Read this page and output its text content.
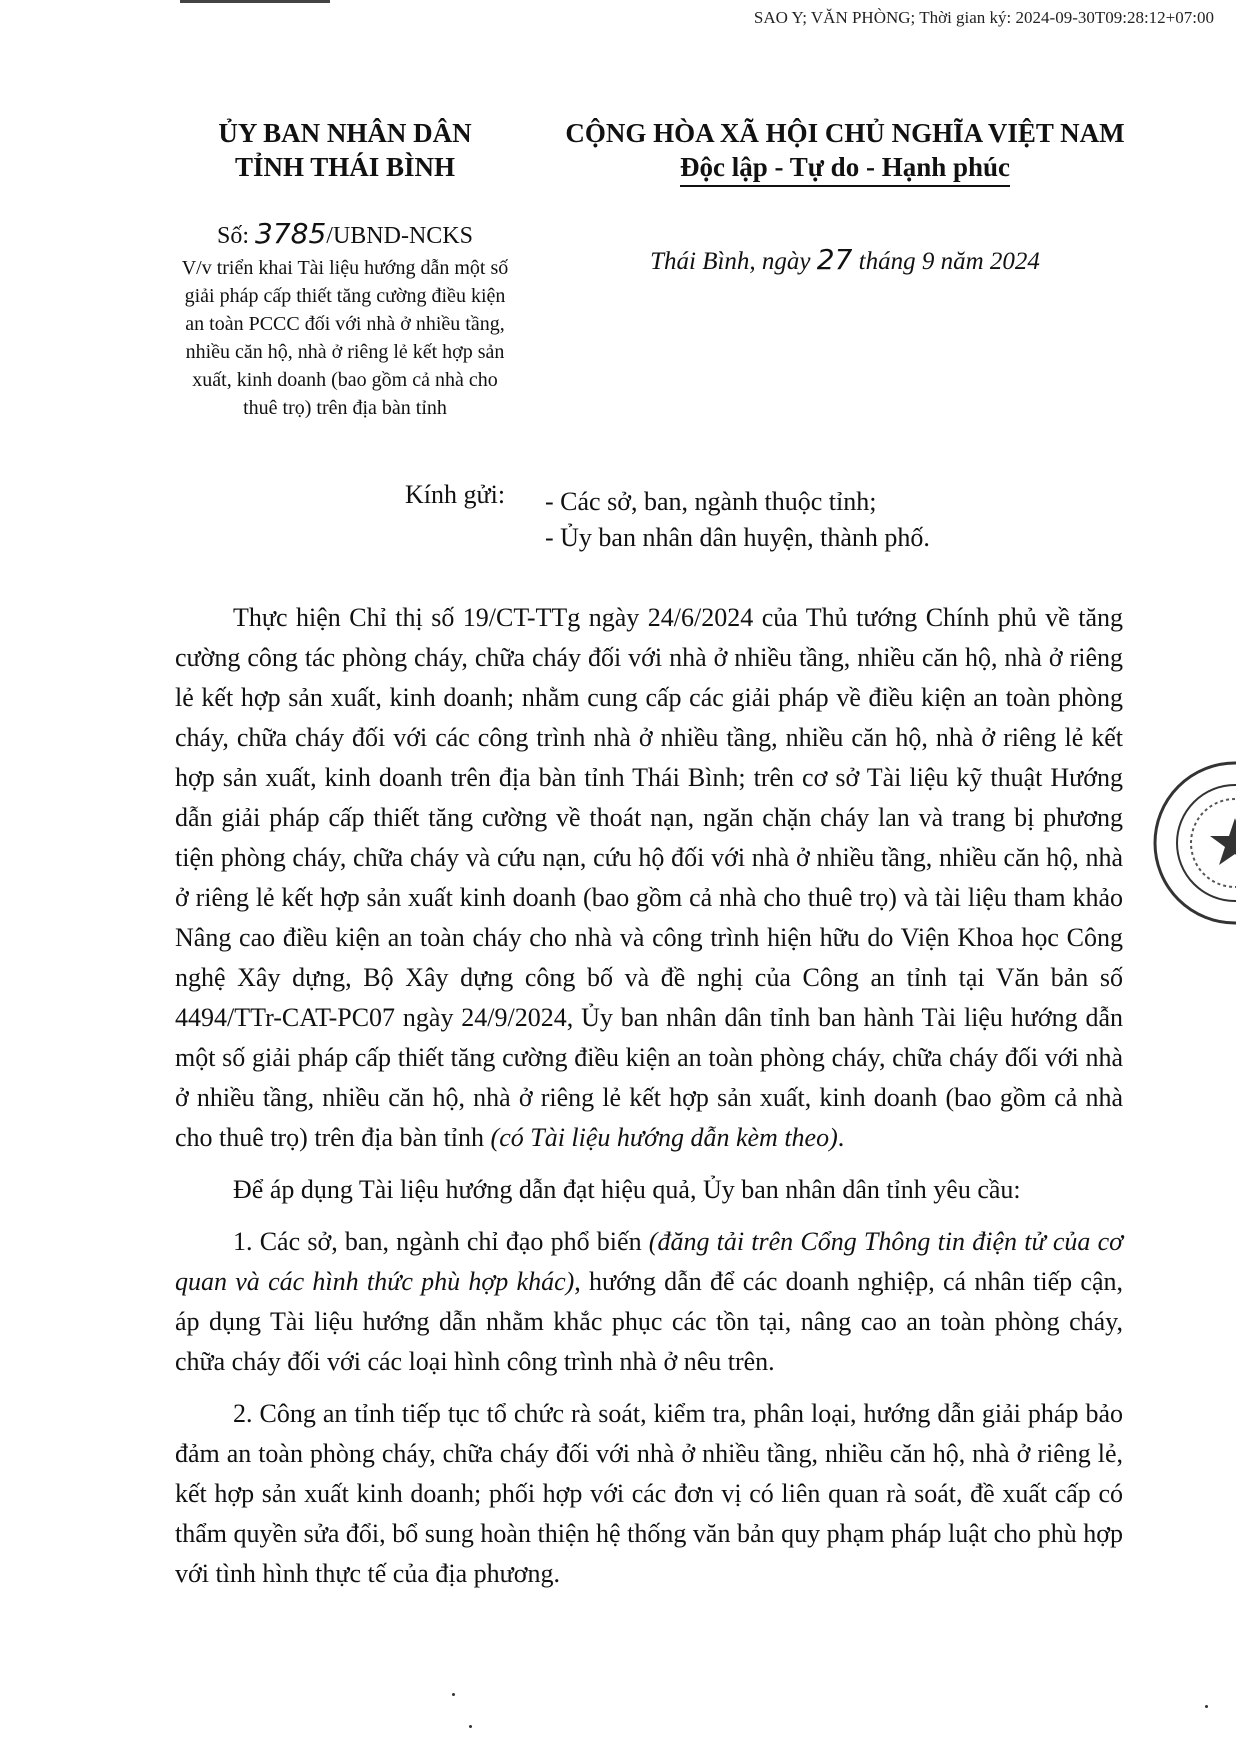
SAO Y; VĂN PHÒNG; Thời gian ký: 2024-09-30T09:28:12+07:00
ỦY BAN NHÂN DÂN
TỈNH THÁI BÌNH
Số: 3785/UBND-NCKS
V/v triển khai Tài liệu hướng dẫn một số
giải pháp cấp thiết tăng cường điều kiện
an toàn PCCC đối với nhà ở nhiều tầng,
nhiều căn hộ, nhà ở riêng lẻ kết hợp sản
xuất, kinh doanh (bao gồm cả nhà cho
thuê trọ) trên địa bàn tỉnh
CỘNG HÒA XÃ HỘI CHỦ NGHĨA VIỆT NAM
Độc lập - Tự do - Hạnh phúc
Thái Bình, ngày 27 tháng 9 năm 2024
Kính gửi: - Các sở, ban, ngành thuộc tỉnh;
- Ủy ban nhân dân huyện, thành phố.

Thực hiện Chỉ thị số 19/CT-TTg ngày 24/6/2024 của Thủ tướng Chính phủ về tăng cường công tác phòng cháy, chữa cháy đối với nhà ở nhiều tầng, nhiều căn hộ, nhà ở riêng lẻ kết hợp sản xuất, kinh doanh; nhằm cung cấp các giải pháp về điều kiện an toàn phòng cháy, chữa cháy đối với các công trình nhà ở nhiều tầng, nhiều căn hộ, nhà ở riêng lẻ kết hợp sản xuất, kinh doanh trên địa bàn tỉnh Thái Bình; trên cơ sở Tài liệu kỹ thuật Hướng dẫn giải pháp cấp thiết tăng cường về thoát nạn, ngăn chặn cháy lan và trang bị phương tiện phòng cháy, chữa cháy và cứu nạn, cứu hộ đối với nhà ở nhiều tầng, nhiều căn hộ, nhà ở riêng lẻ kết hợp sản xuất kinh doanh (bao gồm cả nhà cho thuê trọ) và tài liệu tham khảo Nâng cao điều kiện an toàn cháy cho nhà và công trình hiện hữu do Viện Khoa học Công nghệ Xây dựng, Bộ Xây dựng công bố và đề nghị của Công an tỉnh tại Văn bản số 4494/TTr-CAT-PC07 ngày 24/9/2024, Ủy ban nhân dân tỉnh ban hành Tài liệu hướng dẫn một số giải pháp cấp thiết tăng cường điều kiện an toàn phòng cháy, chữa cháy đối với nhà ở nhiều tầng, nhiều căn hộ, nhà ở riêng lẻ kết hợp sản xuất, kinh doanh (bao gồm cả nhà cho thuê trọ) trên địa bàn tỉnh (có Tài liệu hướng dẫn kèm theo).

Để áp dụng Tài liệu hướng dẫn đạt hiệu quả, Ủy ban nhân dân tỉnh yêu cầu:

1. Các sở, ban, ngành chỉ đạo phổ biến (đăng tải trên Cổng Thông tin điện tử của cơ quan và các hình thức phù hợp khác), hướng dẫn để các doanh nghiệp, cá nhân tiếp cận, áp dụng Tài liệu hướng dẫn nhằm khắc phục các tồn tại, nâng cao an toàn phòng cháy, chữa cháy đối với các loại hình công trình nhà ở nêu trên.

2. Công an tỉnh tiếp tục tổ chức rà soát, kiểm tra, phân loại, hướng dẫn giải pháp bảo đảm an toàn phòng cháy, chữa cháy đối với nhà ở nhiều tầng, nhiều căn hộ, nhà ở riêng lẻ, kết hợp sản xuất kinh doanh; phối hợp với các đơn vị có liên quan rà soát, đề xuất cấp có thẩm quyền sửa đổi, bổ sung hoàn thiện hệ thống văn bản quy phạm pháp luật cho phù hợp với tình hình thực tế của địa phương.
